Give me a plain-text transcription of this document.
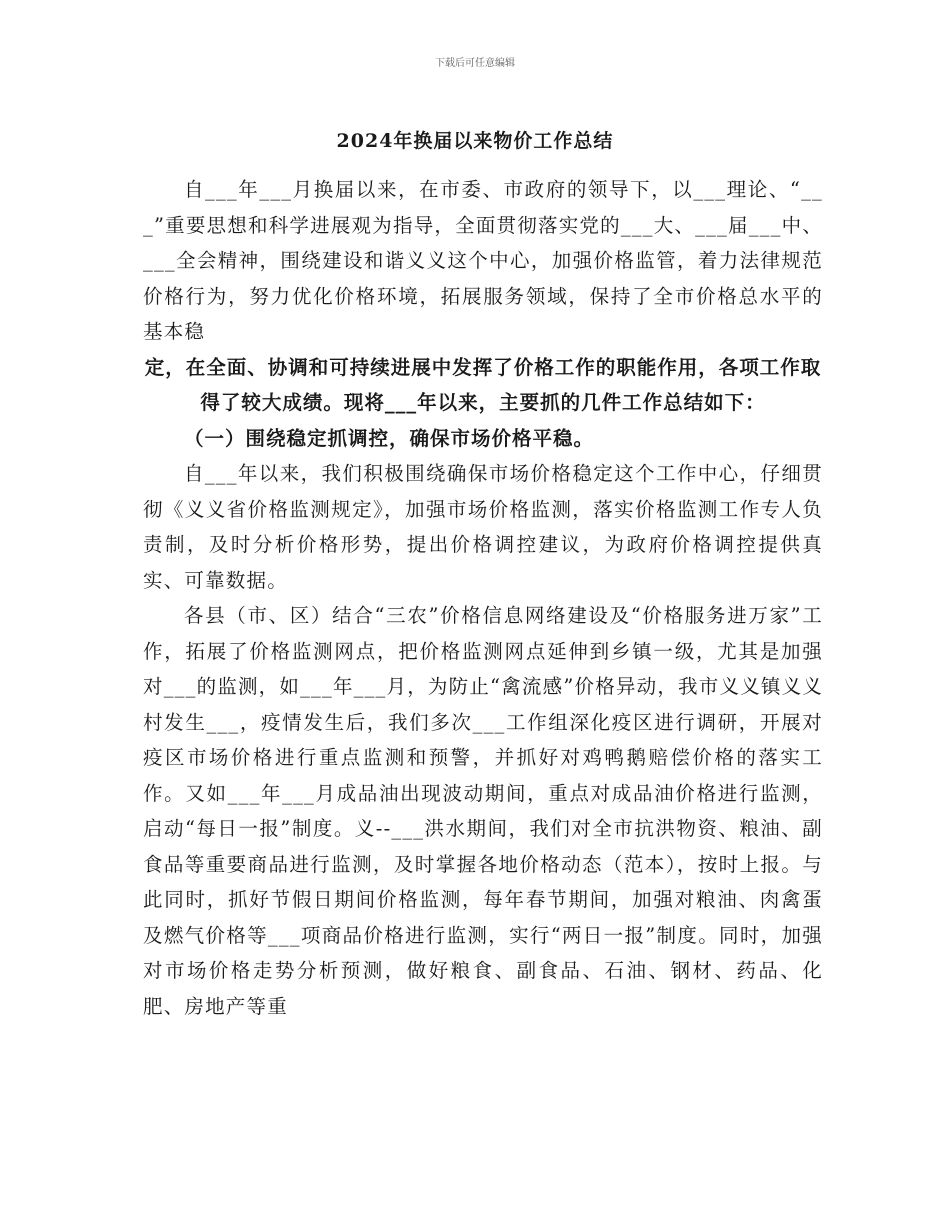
下载后可任意编辑
2024年换届以来物价工作总结

自___年___月换届以来，在市委、市政府的领导下，以___理论、“___”重要思想和科学进展观为指导，全面贯彻落实党的___大、___届___中、___全会精神，围绕建设和谐义义这个中心，加强价格监管，着力法律规范价格行为，努力优化价格环境，拓展服务领域，保持了全市价格总水平的基本稳

定，在全面、协调和可持续进展中发挥了价格工作的职能作用，各项工作取得了较大成绩。现将___年以来，主要抓的几件工作总结如下：

（一）围绕稳定抓调控，确保市场价格平稳。

自___年以来，我们积极围绕确保市场价格稳定这个工作中心，仔细贯彻《义义省价格监测规定》，加强市场价格监测，落实价格监测工作专人负责制，及时分析价格形势，提出价格调控建议，为政府价格调控提供真实、可靠数据。

各县（市、区）结合“三农”价格信息网络建设及“价格服务进万家”工作，拓展了价格监测网点，把价格监测网点延伸到乡镇一级，尤其是加强对___的监测，如___年___月，为防止“禽流感”价格异动，我市义义镇义义村发生___，疫情发生后，我们多次___工作组深化疫区进行调研，开展对疫区市场价格进行重点监测和预警，并抓好对鸡鸭鹅赔偿价格的落实工作。又如___年___月成品油出现波动期间，重点对成品油价格进行监测，启动“每日一报”制度。义--___洪水期间，我们对全市抗洪物资、粮油、副食品等重要商品进行监测，及时掌握各地价格动态（范本），按时上报。与此同时，抓好节假日期间价格监测，每年春节期间，加强对粮油、肉禽蛋及燃气价格等___项商品价格进行监测，实行“两日一报”制度。同时，加强对市场价格走势分析预测，做好粮食、副食品、石油、钢材、药品、化肥、房地产等重
